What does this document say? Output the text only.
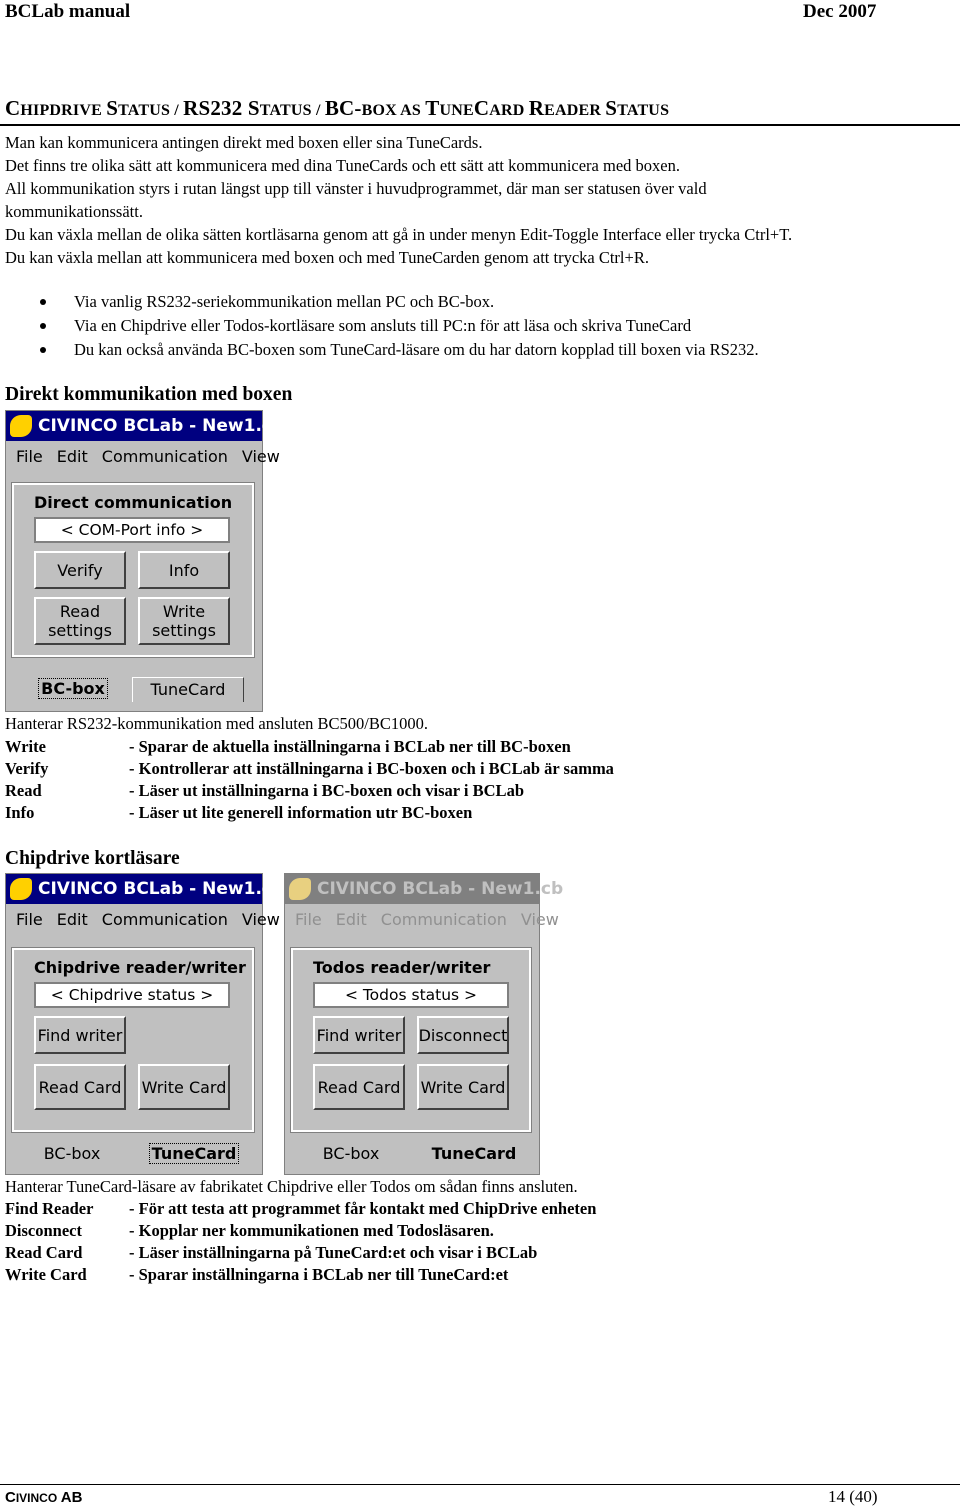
BCLab manual	Dec 2007
CHIPDRIVE STATUS / RS232 STATUS / BC-BOX AS TUNECARD READER STATUS
Man kan kommunicera antingen direkt med boxen eller sina TuneCards.
Det finns tre olika sätt att kommunicera med dina TuneCards och ett sätt att kommunicera med boxen.
All kommunikation styrs i rutan längst upp till vänster i huvudprogrammet, där man ser statusen över vald
kommunikationssätt.
Du kan växla mellan de olika sätten kortläsarna genom att gå in under menyn Edit-Toggle Interface eller trycka Ctrl+T.
Du kan växla mellan att kommunicera med boxen och med TuneCarden genom att trycka Ctrl+R.
Via vanlig RS232-seriekommunikation mellan PC och BC-box.
Via en Chipdrive eller Todos-kortläsare som ansluts till PC:n för att läsa och skriva TuneCard
Du kan också använda BC-boxen som TuneCard-läsare om du har datorn kopplad till boxen via RS232.
Direkt kommunikation med boxen
CIVINCO BCLab - New1.cb
File Edit Communication View
Direct communication
< COM-Port info >
Verify	Info
Read
settings
Write
settings
BC-box	TuneCard
Hanterar RS232-kommunikation med ansluten BC500/BC1000.
Write	- Sparar de aktuella inställningarna i BCLab ner till BC-boxen
Verify	- Kontrollerar att inställningarna i BC-boxen och i BCLab är samma
Read	- Läser ut inställningarna i BC-boxen och visar i BCLab
Info	- Läser ut lite generell information utr BC-boxen
Chipdrive kortläsare
CIVINCO BCLab - New1.cb
File Edit Communication View
Chipdrive reader/writer
< Chipdrive status >
Find writer
Read Card Write Card
BC-box	TuneCard
CIVINCO BCLab - New1.cb
File Edit Communication View
Todos reader/writer
< Todos status >
Find writer Disconnect
Read Card Write Card
BC-box	TuneCard
Hanterar TuneCard-läsare av fabrikatet Chipdrive eller Todos om sådan finns ansluten.
Find Reader - För att testa att programmet får kontakt med ChipDrive enheten
Disconnect	- Kopplar ner kommunikationen med Todosläsaren.
Read Card	- Läser inställningarna på TuneCard:et och visar i BCLab
Write Card	- Sparar inställningarna i BCLab ner till TuneCard:et
CIVINCO AB	14 (40)
